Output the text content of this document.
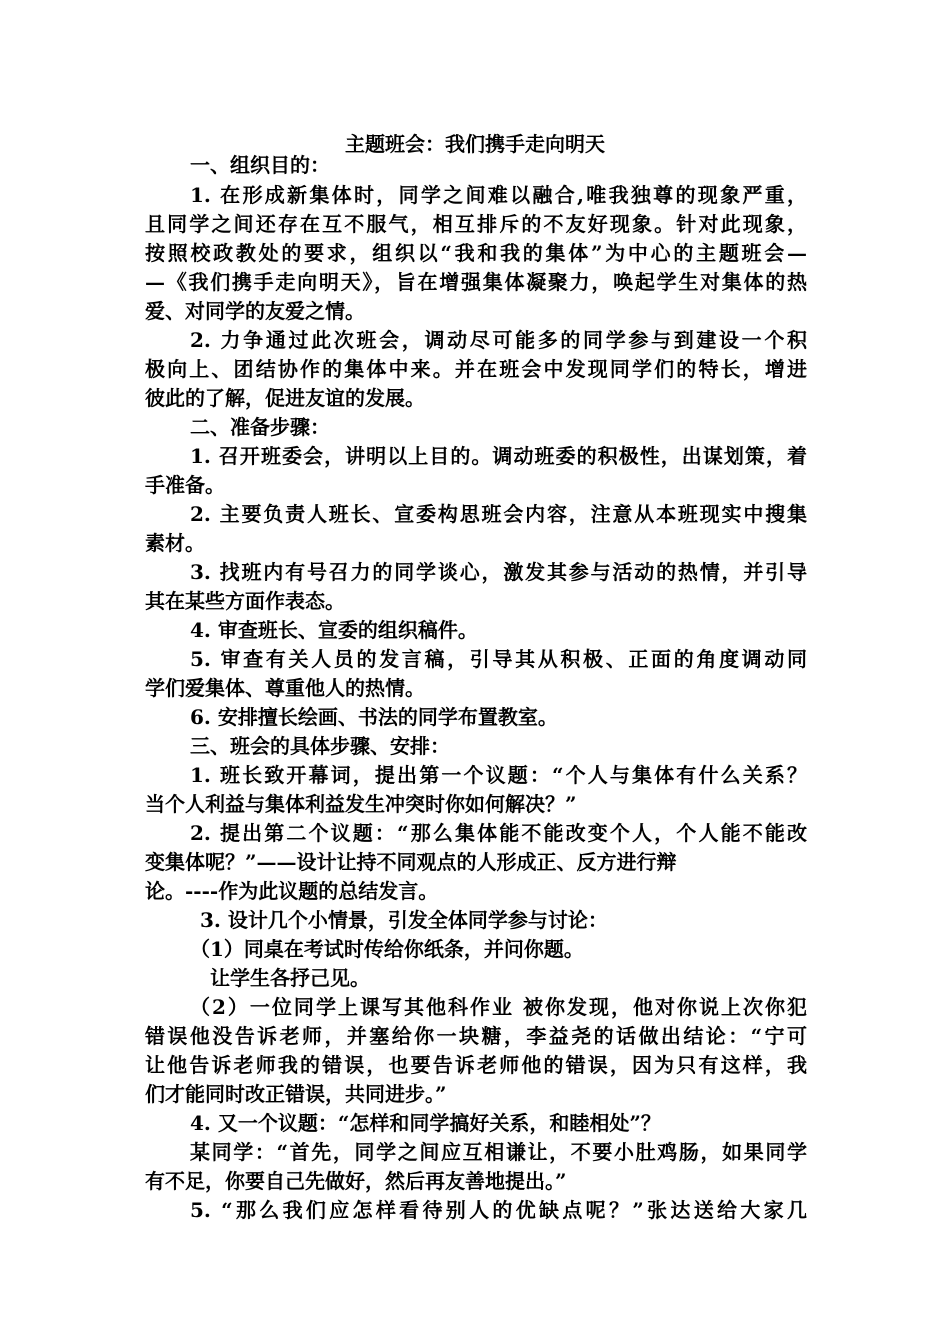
主题班会：我们携手走向明天
一、组织目的：
1. 在形成新集体时，同学之间难以融合,唯我独尊的现象严重，
且同学之间还存在互不服气，相互排斥的不友好现象。针对此现象，
按照校政教处的要求，组织以“我和我的集体”为中心的主题班会—
—《我们携手走向明天》，旨在增强集体凝聚力，唤起学生对集体的热
爱、对同学的友爱之情。
2. 力争通过此次班会，调动尽可能多的同学参与到建设一个积
极向上、团结协作的集体中来。并在班会中发现同学们的特长，增进
彼此的了解，促进友谊的发展。
二、准备步骤：
1. 召开班委会，讲明以上目的。调动班委的积极性，出谋划策，着
手准备。
2. 主要负责人班长、宣委构思班会内容，注意从本班现实中搜集
素材。
3. 找班内有号召力的同学谈心，激发其参与活动的热情，并引导
其在某些方面作表态。
4. 审查班长、宣委的组织稿件。
5. 审查有关人员的发言稿，引导其从积极、正面的角度调动同
学们爱集体、尊重他人的热情。
6. 安排擅长绘画、书法的同学布置教室。
三、班会的具体步骤、安排：
1. 班长致开幕词，提出第一个议题：“个人与集体有什么关系？
当个人利益与集体利益发生冲突时你如何解决？”
2. 提出第二个议题：“那么集体能不能改变个人，个人能不能改
变集体呢？”——设计让持不同观点的人形成正、反方进行辩
论。----作为此议题的总结发言。
3. 设计几个小情景，引发全体同学参与讨论：
（1）同桌在考试时传给你纸条，并问你题。
让学生各抒己见。
（2）一位同学上课写其他科作业 被你发现，他对你说上次你犯
错误他没告诉老师，并塞给你一块糖，李益尧的话做出结论：“宁可
让他告诉老师我的错误，也要告诉老师他的错误，因为只有这样，我
们才能同时改正错误，共同进步。”
4. 又一个议题：“怎样和同学搞好关系，和睦相处”？
某同学：“首先，同学之间应互相谦让，不要小肚鸡肠，如果同学
有不足，你要自己先做好，然后再友善地提出。”
5. “那么我们应怎样看待别人的优缺点呢？”张达送给大家几
